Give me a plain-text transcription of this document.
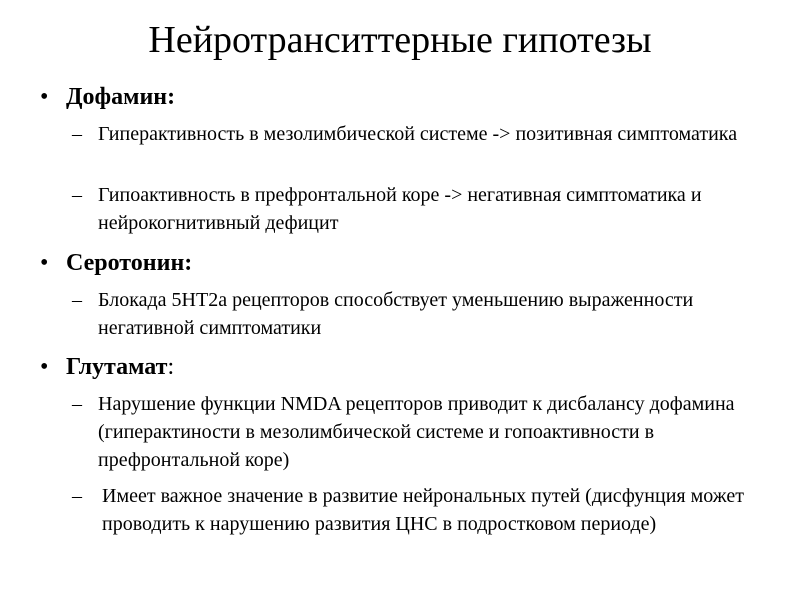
Нейротранситтерные гипотезы
• Дофамин:
– Гиперактивность в мезолимбической системе -> позитивная симптоматика
– Гипоактивность в префронтальной коре -> негативная симптоматика и нейрокогнитивный дефицит
• Серотонин:
– Блокада 5НТ2а рецепторов способствует уменьшению выраженности негативной симптоматики
• Глутамат:
– Нарушение функции NMDA рецепторов приводит к дисбалансу дофамина (гиперактиности в мезолимбической системе и гопоактивности в префронтальной коре)
–	Имеет важное значение в развитие нейрональных путей (дисфунция может проводить к нарушению развития ЦНС в подростковом периоде)
